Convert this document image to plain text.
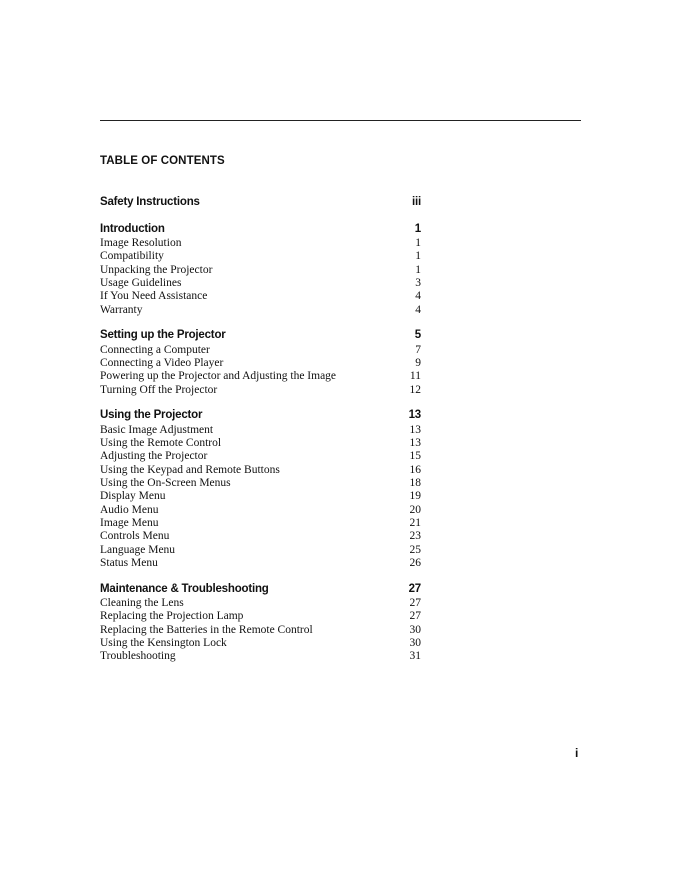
TABLE OF CONTENTS
Safety Instructions	iii
Introduction	1
Image Resolution	1
Compatibility	1
Unpacking the Projector	1
Usage Guidelines	3
If You Need Assistance	4
Warranty	4
Setting up the Projector	5
Connecting a Computer	7
Connecting a Video Player	9
Powering up the Projector and Adjusting the Image	11
Turning Off the Projector	12
Using the Projector	13
Basic Image Adjustment	13
Using the Remote Control	13
Adjusting the Projector	15
Using the Keypad and Remote Buttons	16
Using the On-Screen Menus	18
Display Menu	19
Audio Menu	20
Image Menu	21
Controls Menu	23
Language Menu	25
Status Menu	26
Maintenance & Troubleshooting	27
Cleaning the Lens	27
Replacing the Projection Lamp	27
Replacing the Batteries in the Remote Control	30
Using the Kensington Lock	30
Troubleshooting	31
i
